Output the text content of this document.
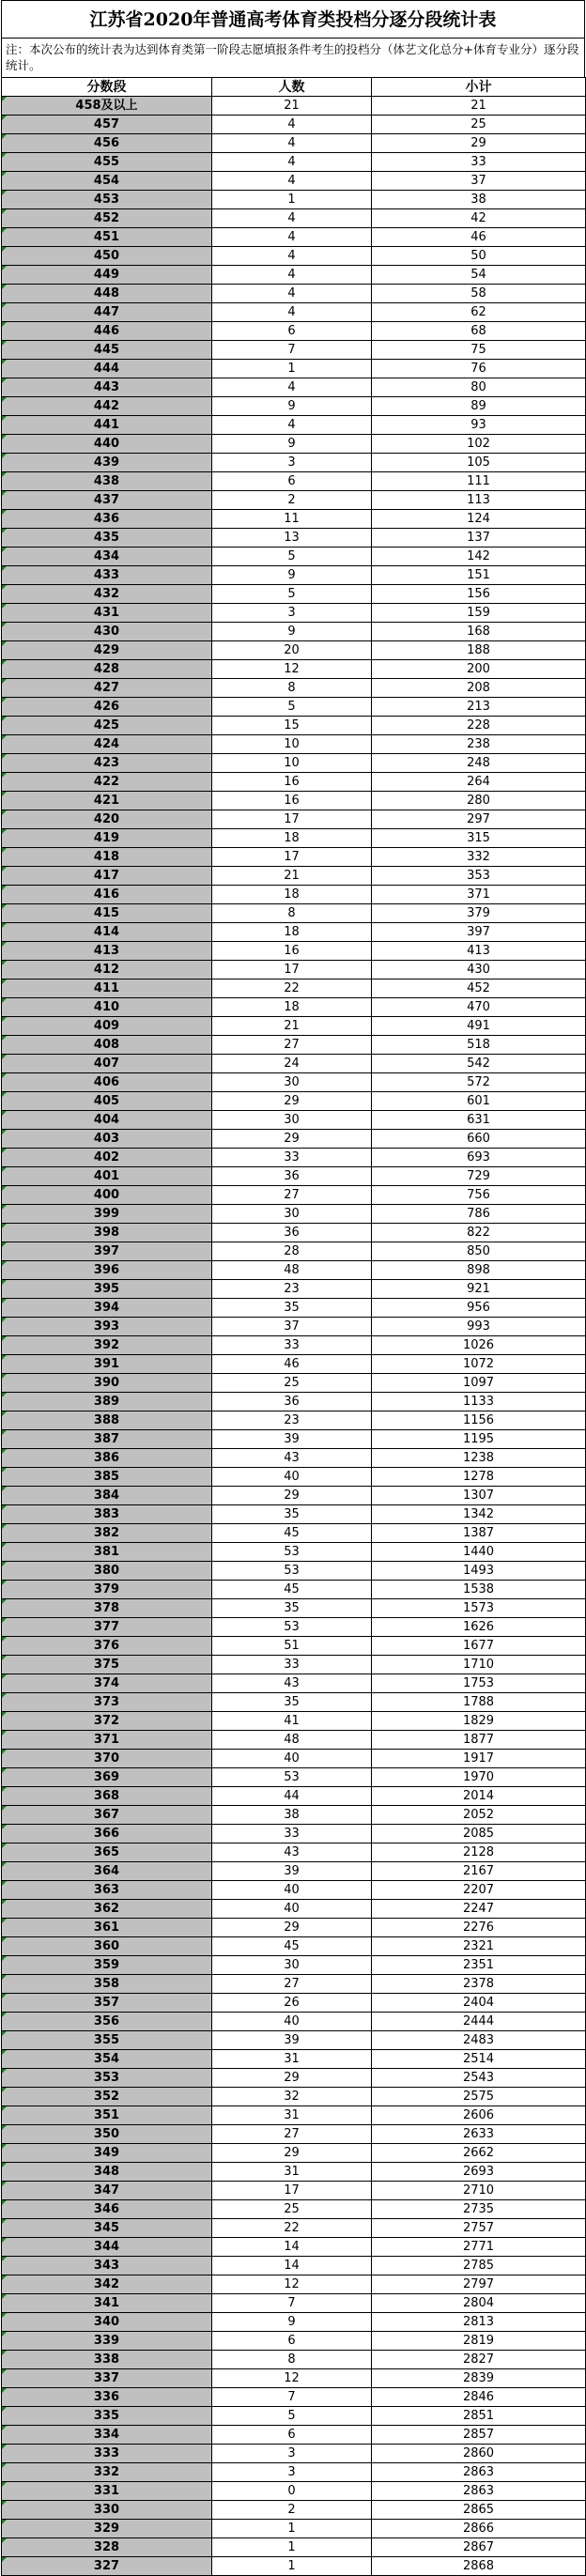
江苏省2020年普通高考体育类投档分逐分段统计表
注：本次公布的统计表为达到体育类第一阶段志愿填报条件考生的投档分（体艺文化总分+体育专业分）逐分段统计。
分数段	人数	小计
458及以上	21	21
457	4	25
456	4	29
455	4	33
454	4	37
453	1	38
452	4	42
451	4	46
450	4	50
449	4	54
448	4	58
447	4	62
446	6	68
445	7	75
444	1	76
443	4	80
442	9	89
441	4	93
440	9	102
439	3	105
438	6	111
437	2	113
436	11	124
435	13	137
434	5	142
433	9	151
432	5	156
431	3	159
430	9	168
429	20	188
428	12	200
427	8	208
426	5	213
425	15	228
424	10	238
423	10	248
422	16	264
421	16	280
420	17	297
419	18	315
418	17	332
417	21	353
416	18	371
415	8	379
414	18	397
413	16	413
412	17	430
411	22	452
410	18	470
409	21	491
408	27	518
407	24	542
406	30	572
405	29	601
404	30	631
403	29	660
402	33	693
401	36	729
400	27	756
399	30	786
398	36	822
397	28	850
396	48	898
395	23	921
394	35	956
393	37	993
392	33	1026
391	46	1072
390	25	1097
389	36	1133
388	23	1156
387	39	1195
386	43	1238
385	40	1278
384	29	1307
383	35	1342
382	45	1387
381	53	1440
380	53	1493
379	45	1538
378	35	1573
377	53	1626
376	51	1677
375	33	1710
374	43	1753
373	35	1788
372	41	1829
371	48	1877
370	40	1917
369	53	1970
368	44	2014
367	38	2052
366	33	2085
365	43	2128
364	39	2167
363	40	2207
362	40	2247
361	29	2276
360	45	2321
359	30	2351
358	27	2378
357	26	2404
356	40	2444
355	39	2483
354	31	2514
353	29	2543
352	32	2575
351	31	2606
350	27	2633
349	29	2662
348	31	2693
347	17	2710
346	25	2735
345	22	2757
344	14	2771
343	14	2785
342	12	2797
341	7	2804
340	9	2813
339	6	2819
338	8	2827
337	12	2839
336	7	2846
335	5	2851
334	6	2857
333	3	2860
332	3	2863
331	0	2863
330	2	2865
329	1	2866
328	1	2867
327	1	2868
